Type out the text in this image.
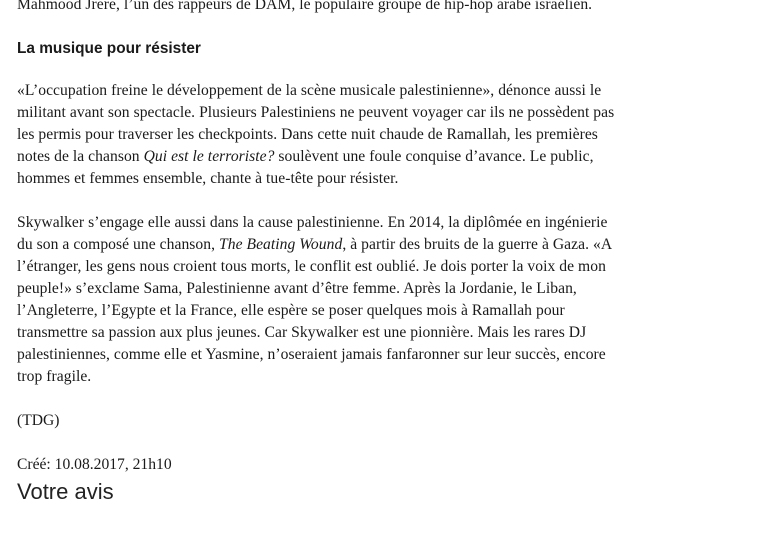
Mahmood Jrere, l’un des rappeurs de DAM, le populaire groupe de hip-hop arabe israélien.

La musique pour résister

«L’occupation freine le développement de la scène musicale palestinienne», dénonce aussi le militant avant son spectacle. Plusieurs Palestiniens ne peuvent voyager car ils ne possèdent pas les permis pour traverser les checkpoints. Dans cette nuit chaude de Ramallah, les premières notes de la chanson Qui est le terroriste? soulèvent une foule conquise d’avance. Le public, hommes et femmes ensemble, chante à tue-tête pour résister.

Skywalker s’engage elle aussi dans la cause palestinienne. En 2014, la diplômée en ingénierie du son a composé une chanson, The Beating Wound, à partir des bruits de la guerre à Gaza. «A l’étranger, les gens nous croient tous morts, le conflit est oublié. Je dois porter la voix de mon peuple!» s’exclame Sama, Palestinienne avant d’être femme. Après la Jordanie, le Liban, l’Angleterre, l’Egypte et la France, elle espère se poser quelques mois à Ramallah pour transmettre sa passion aux plus jeunes. Car Skywalker est une pionnière. Mais les rares DJ palestiniennes, comme elle et Yasmine, n’oseraient jamais fanfaronner sur leur succès, encore trop fragile.

(TDG)

Créé: 10.08.2017, 21h10

Votre avis
